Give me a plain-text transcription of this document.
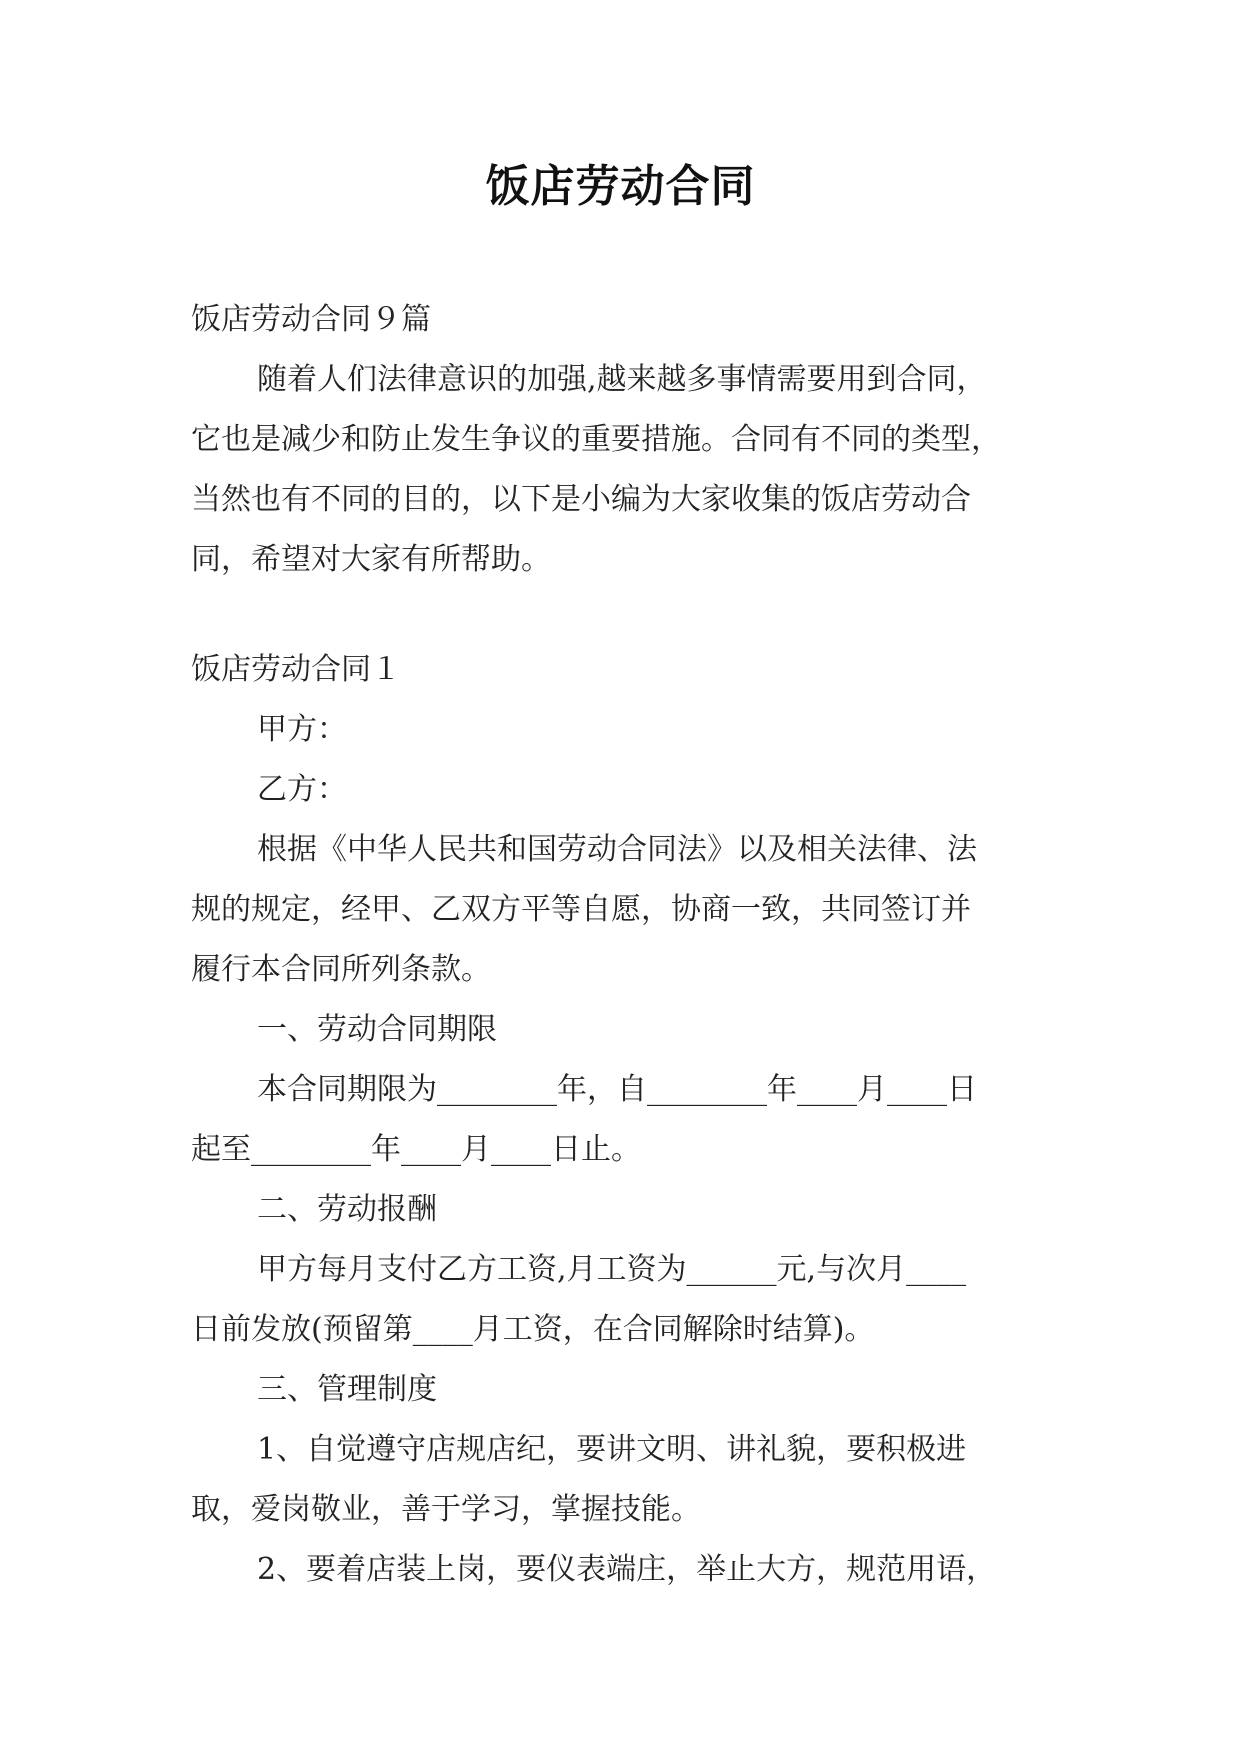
饭店劳动合同
饭店劳动合同９篇
随着人们法律意识的加强,越来越多事情需要用到合同，
它也是减少和防止发生争议的重要措施。合同有不同的类型，
当然也有不同的目的，以下是小编为大家收集的饭店劳动合
同，希望对大家有所帮助。
饭店劳动合同１
甲方：
乙方：
根据《中华人民共和国劳动合同法》以及相关法律、法
规的规定，经甲、乙双方平等自愿，协商一致，共同签订并
履行本合同所列条款。
一、劳动合同期限
本合同期限为________年，自________年____月____日
起至________年____月____日止。
二、劳动报酬
甲方每月支付乙方工资,月工资为______元,与次月____
日前发放(预留第____月工资，在合同解除时结算)。
三、管理制度
1、自觉遵守店规店纪，要讲文明、讲礼貌，要积极进
取，爱岗敬业，善于学习，掌握技能。
2、要着店装上岗，要仪表端庄，举止大方，规范用语，
